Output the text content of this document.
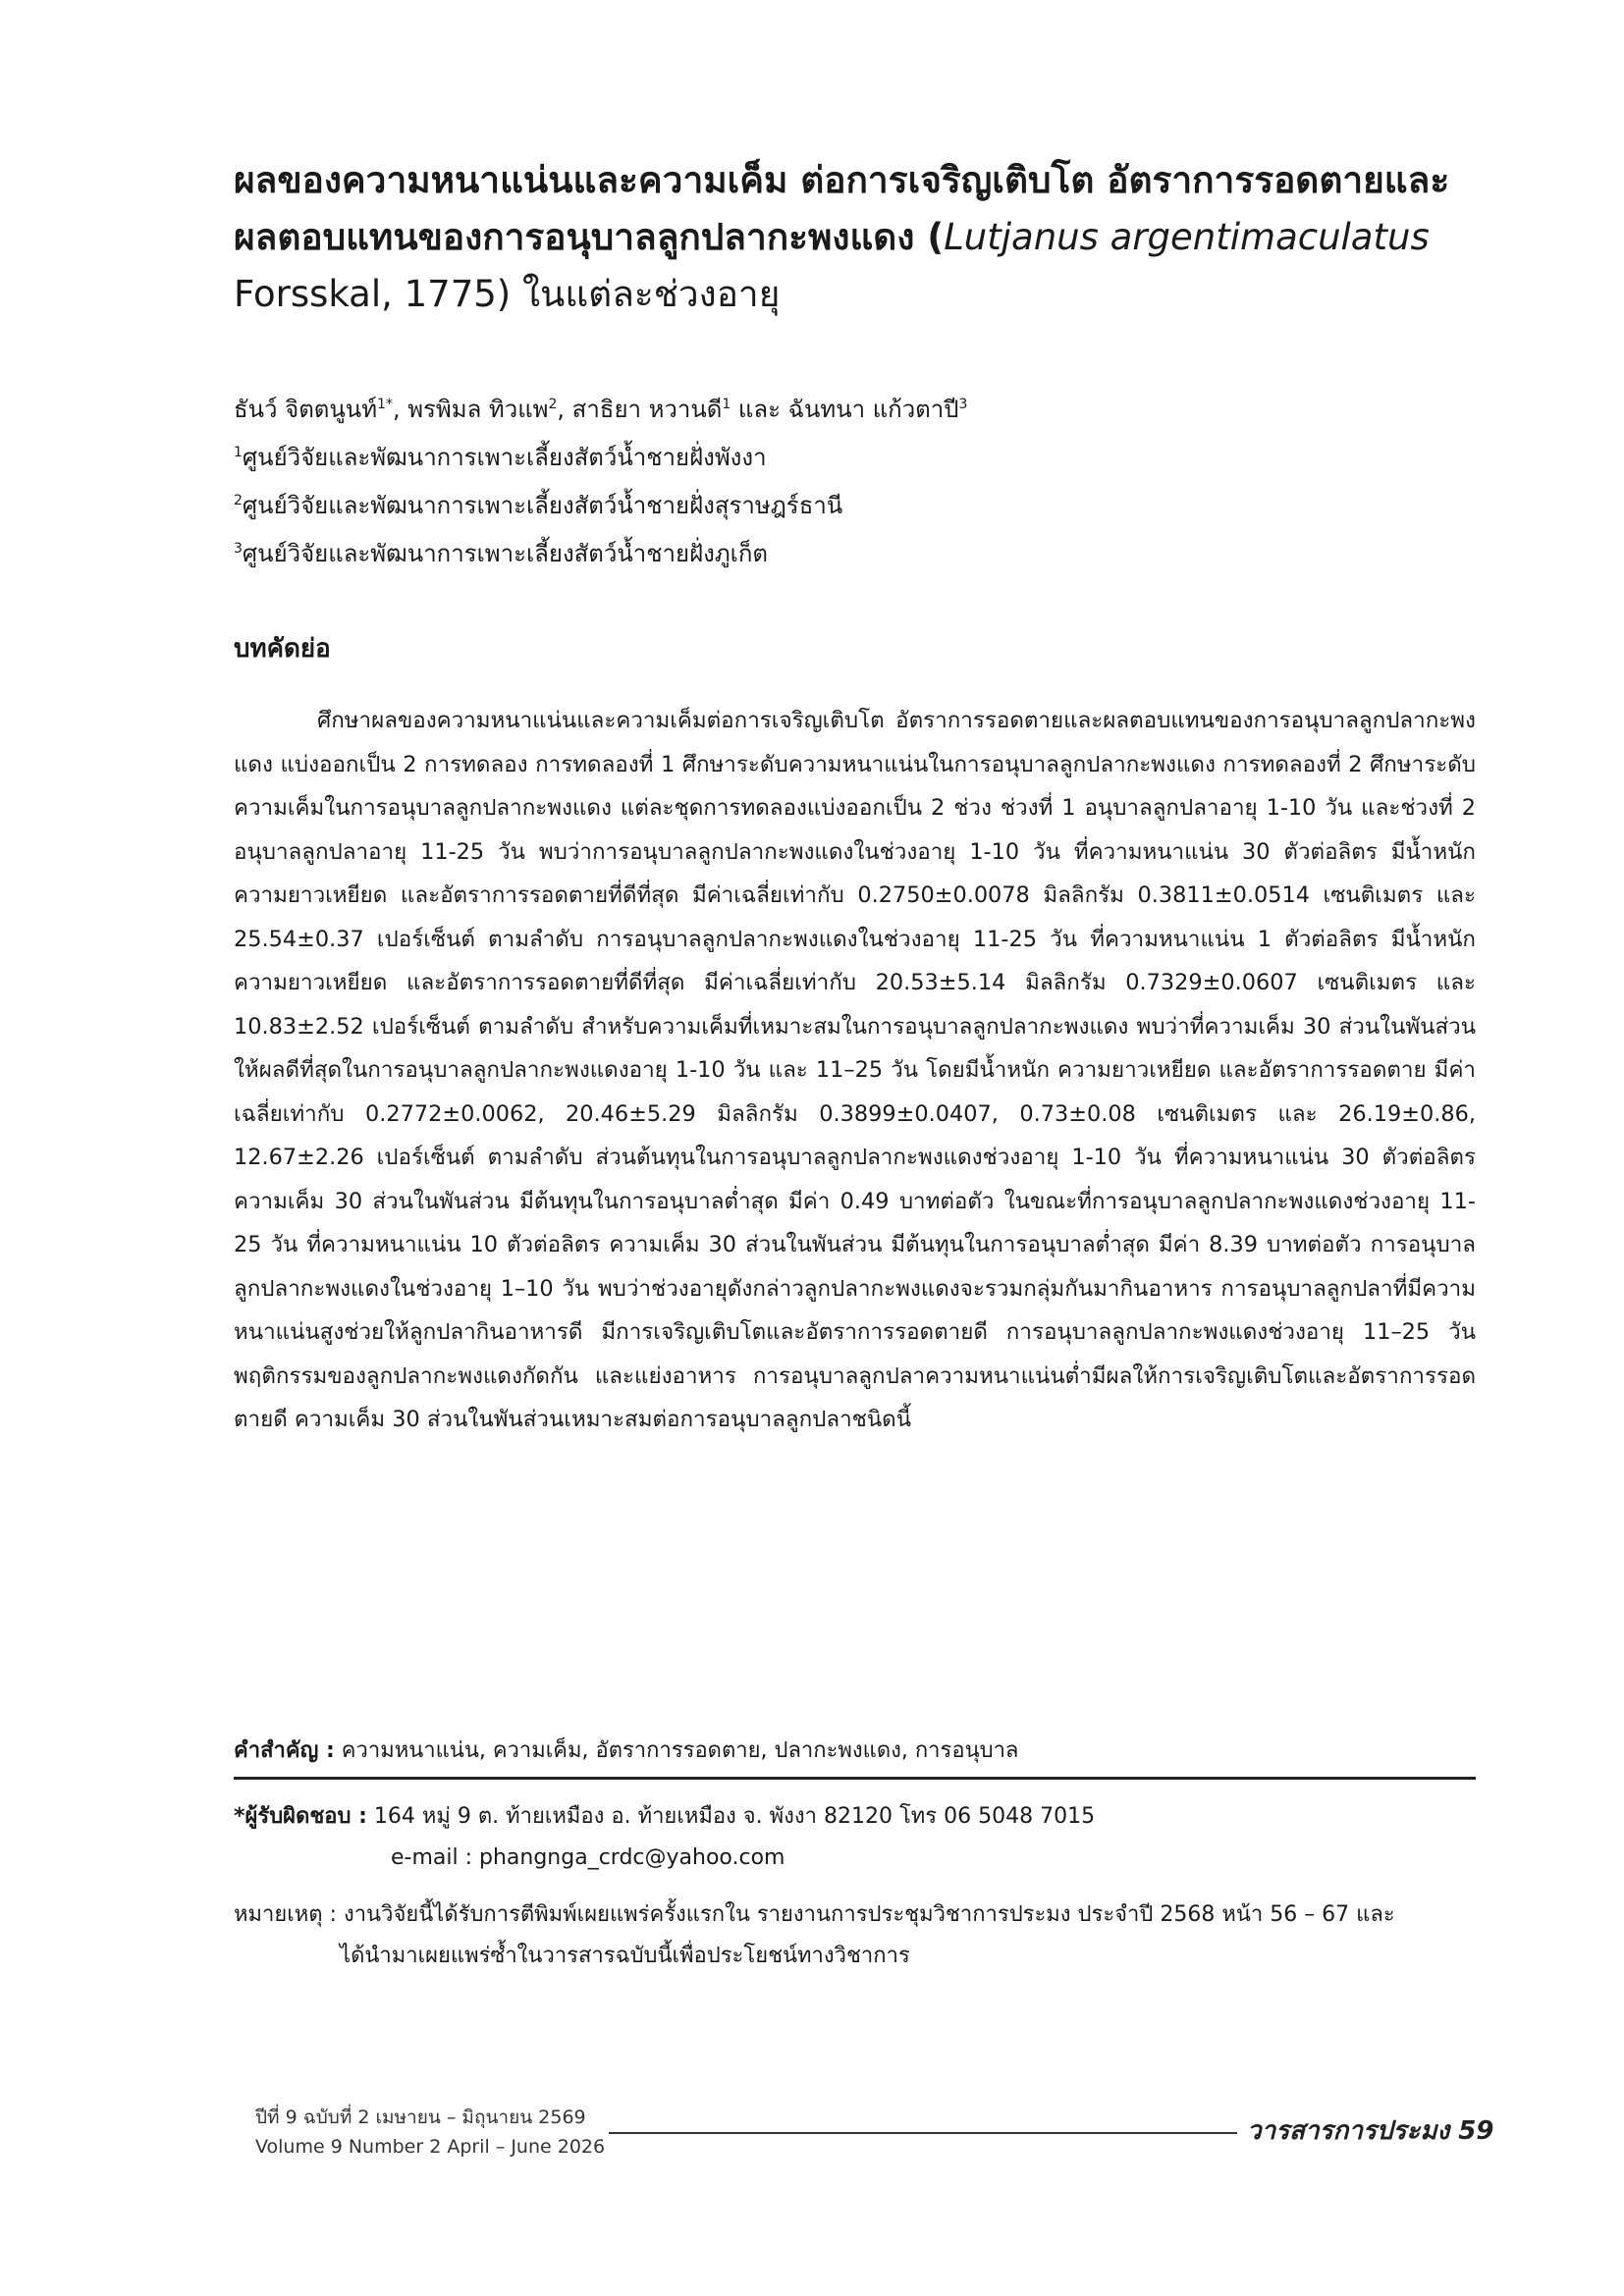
ผลของความหนาแน่นและความเค็ม ต่อการเจริญเติบโต อัตราการรอดตายและ
ผลตอบแทนของการอนุบาลลูกปลากะพงแดง (Lutjanus argentimaculatus
Forsskal, 1775) ในแต่ละช่วงอายุ
ธันว์ จิตตนูนท์$^{1*}$, พรพิมล ทิวแพ$^2$, สาธิยา หวานดี$^1$ และ ฉันทนา แก้วตาปี$^3$
$^1$ศูนย์วิจัยและพัฒนาการเพาะเลี้ยงสัตว์น้ำชายฝั่งพังงา
$^2$ศูนย์วิจัยและพัฒนาการเพาะเลี้ยงสัตว์น้ำชายฝั่งสุราษฎร์ธานี
$^3$ศูนย์วิจัยและพัฒนาการเพาะเลี้ยงสัตว์น้ำชายฝั่งภูเก็ต
บทคัดย่อ

ศึกษาผลของความหนาแน่นและความเค็มต่อการเจริญเติบโต อัตราการรอดตายและผลตอบแทนของการอนุบาลลูกปลากะพงแดง แบ่งออกเป็น 2 การทดลอง การทดลองที่ 1 ศึกษาระดับความหนาแน่นในการอนุบาลลูกปลากะพงแดง การทดลองที่ 2 ศึกษาระดับความเค็มในการอนุบาลลูกปลากะพงแดง แต่ละชุดการทดลองแบ่งออกเป็น 2 ช่วง ช่วงที่ 1 อนุบาลลูกปลาอายุ 1-10 วัน และช่วงที่ 2 อนุบาลลูกปลาอายุ 11-25 วัน พบว่าการอนุบาลลูกปลากะพงแดงในช่วงอายุ 1-10 วัน ที่ความหนาแน่น 30 ตัวต่อลิตร มีน้ำหนัก ความยาวเหยียด และอัตราการรอดตายที่ดีที่สุด มีค่าเฉลี่ยเท่ากับ 0.2750±0.0078 มิลลิกรัม 0.3811±0.0514 เซนติเมตร และ 25.54±0.37 เปอร์เซ็นต์ ตามลำดับ การอนุบาลลูกปลากะพงแดงในช่วงอายุ 11-25 วัน ที่ความหนาแน่น 1 ตัวต่อลิตร มีน้ำหนัก ความยาวเหยียด และอัตราการรอดตายที่ดีที่สุด มีค่าเฉลี่ยเท่ากับ 20.53±5.14 มิลลิกรัม 0.7329±0.0607 เซนติเมตร และ 10.83±2.52 เปอร์เซ็นต์ ตามลำดับ สำหรับความเค็มที่เหมาะสมในการอนุบาลลูกปลากะพงแดง พบว่าที่ความเค็ม 30 ส่วนในพันส่วน ให้ผลดีที่สุดในการอนุบาลลูกปลากะพงแดงอายุ 1-10 วัน และ 11–25 วัน โดยมีน้ำหนัก ความยาวเหยียด และอัตราการรอดตาย มีค่าเฉลี่ยเท่ากับ 0.2772±0.0062, 20.46±5.29 มิลลิกรัม 0.3899±0.0407, 0.73±0.08 เซนติเมตร และ 26.19±0.86, 12.67±2.26 เปอร์เซ็นต์ ตามลำดับ ส่วนต้นทุนในการอนุบาลลูกปลากะพงแดงช่วงอายุ 1-10 วัน ที่ความหนาแน่น 30 ตัวต่อลิตร ความเค็ม 30 ส่วนในพันส่วน มีต้นทุนในการอนุบาลต่ำสุด มีค่า 0.49 บาทต่อตัว ในขณะที่การอนุบาลลูกปลากะพงแดงช่วงอายุ 11-25 วัน ที่ความหนาแน่น 10 ตัวต่อลิตร ความเค็ม 30 ส่วนในพันส่วน มีต้นทุนในการอนุบาลต่ำสุด มีค่า 8.39 บาทต่อตัว การอนุบาลลูกปลากะพงแดงในช่วงอายุ 1–10 วัน พบว่าช่วงอายุดังกล่าวลูกปลากะพงแดงจะรวมกลุ่มกันมากินอาหาร การอนุบาลลูกปลาที่มีความหนาแน่นสูงช่วยให้ลูกปลากินอาหารดี มีการเจริญเติบโตและอัตราการรอดตายดี การอนุบาลลูกปลากะพงแดงช่วงอายุ 11–25 วัน พฤติกรรมของลูกปลากะพงแดงกัดกัน และแย่งอาหาร การอนุบาลลูกปลาความหนาแน่นต่ำมีผลให้การเจริญเติบโตและอัตราการรอดตายดี ความเค็ม 30 ส่วนในพันส่วนเหมาะสมต่อการอนุบาลลูกปลาชนิดนี้

คำสำคัญ : ความหนาแน่น, ความเค็ม, อัตราการรอดตาย, ปลากะพงแดง, การอนุบาล
*ผู้รับผิดชอบ : 164 หมู่ 9 ต. ท้ายเหมือง อ. ท้ายเหมือง จ. พังงา 82120 โทร 06 5048 7015
e-mail : phangnga_crdc@yahoo.com
หมายเหตุ : งานวิจัยนี้ได้รับการตีพิมพ์เผยแพร่ครั้งแรกใน รายงานการประชุมวิชาการประมง ประจำปี 2568 หน้า 56 – 67 และ
ได้นำมาเผยแพร่ซ้ำในวารสารฉบับนี้เพื่อประโยชน์ทางวิชาการ
ปีที่ 9 ฉบับที่ 2 เมษายน – มิถุนายน 2569
Volume 9 Number 2 April – June 2026
วารสารการประมง 59
